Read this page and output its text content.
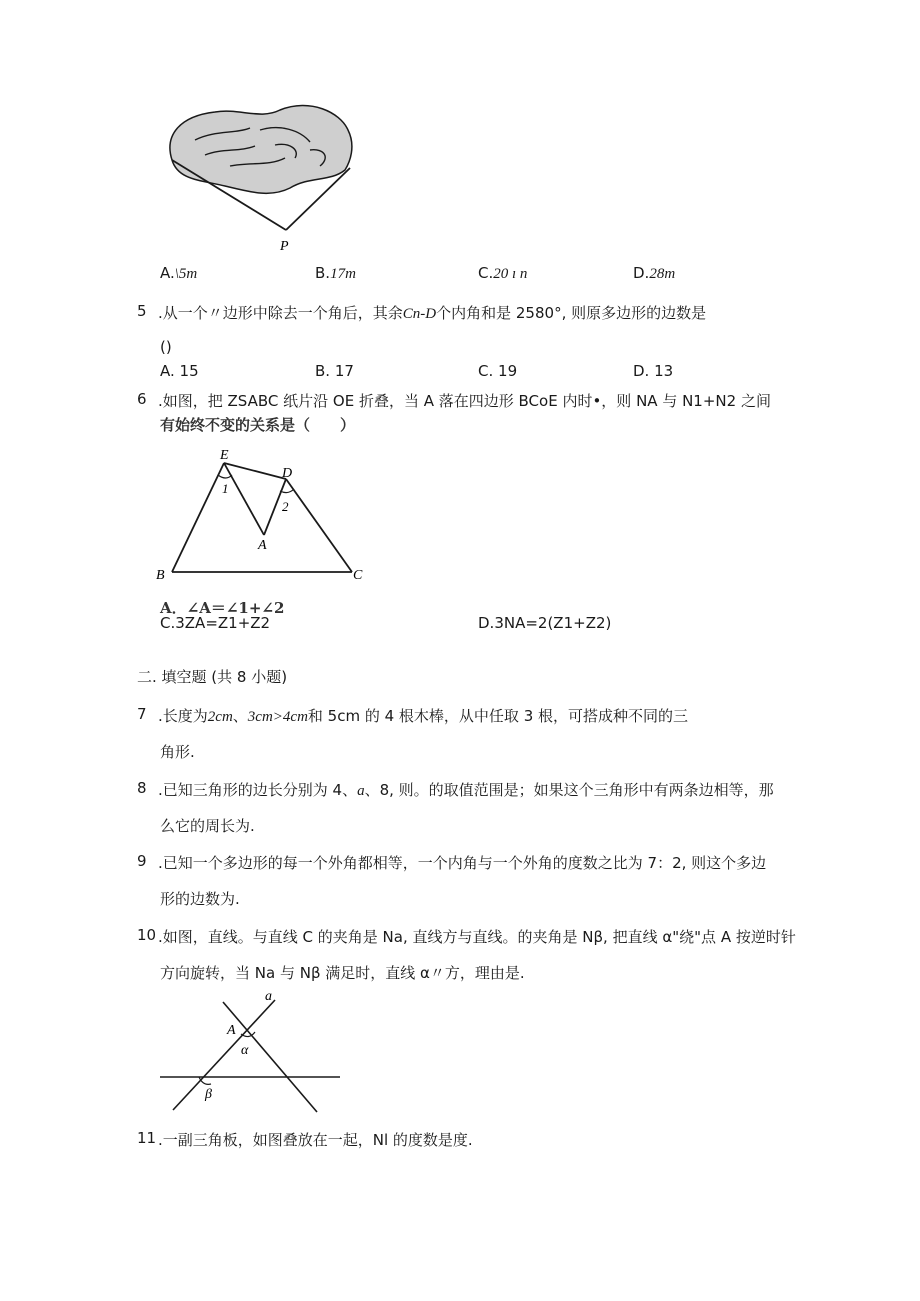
P
A.\5m	B.17m	C.20 ı n	D.28m
5 .从一个〃边形中除去一个角后，其余Cn-D个内角和是 2580°, 则原多边形的边数是
()
A. 15	B. 17	C. 19	D. 13
6 .如图，把 ZSABC 纸片沿 OE 折叠，当 A 落在四边形 BCoE 内时•，则 NA 与 N1+N2 之间
有始终不变的关系是（　　）
E
D
1
2
A
B	C
A．∠A＝∠1+∠2
C.3ZA=Z1+Z2	D.3NA=2(Z1+Z2)
二. 填空题 (共 8 小题)
7 .长度为2cm、3cm>4cm和 5cm 的 4 根木棒，从中任取 3 根，可搭成种不同的三
角形.
8 .已知三角形的边长分别为 4、a、8, 则。的取值范围是；如果这个三角形中有两条边相等，那
么它的周长为.
9 .已知一个多边形的每一个外角都相等，一个内角与一个外角的度数之比为 7：2, 则这个多边
形的边数为.
10 .如图，直线。与直线 C 的夹角是 Na, 直线方与直线。的夹角是 Nβ, 把直线 α"绕"点 A 按逆时针
方向旋转，当 Na 与 Nβ 满足时，直线 α〃方，理由是.
a
A
α
β
11 .一副三角板，如图叠放在一起，Nl 的度数是度.
